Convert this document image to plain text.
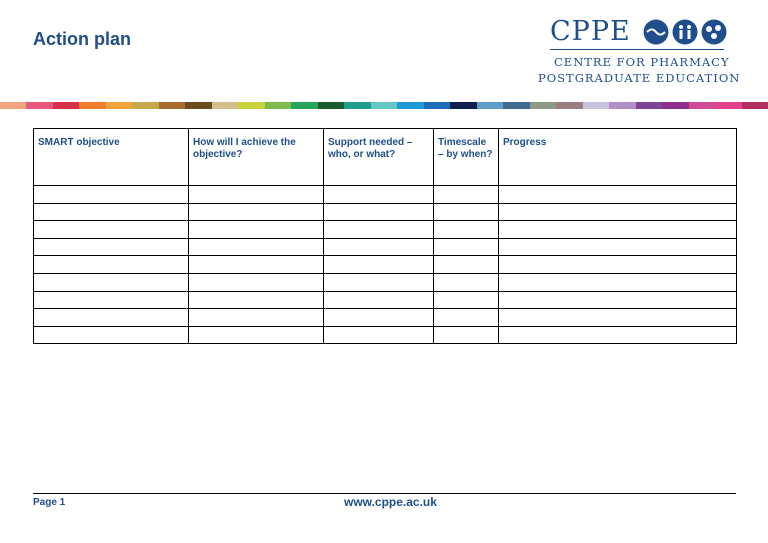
Action plan	CPPE
CENTRE FOR PHARMACY
POSTGRADUATE EDUCATION
SMART objective	How will I achieve the objective?	Support needed – who, or what?	Timescale – by when?	Progress

Page 1	www.cppe.ac.uk
